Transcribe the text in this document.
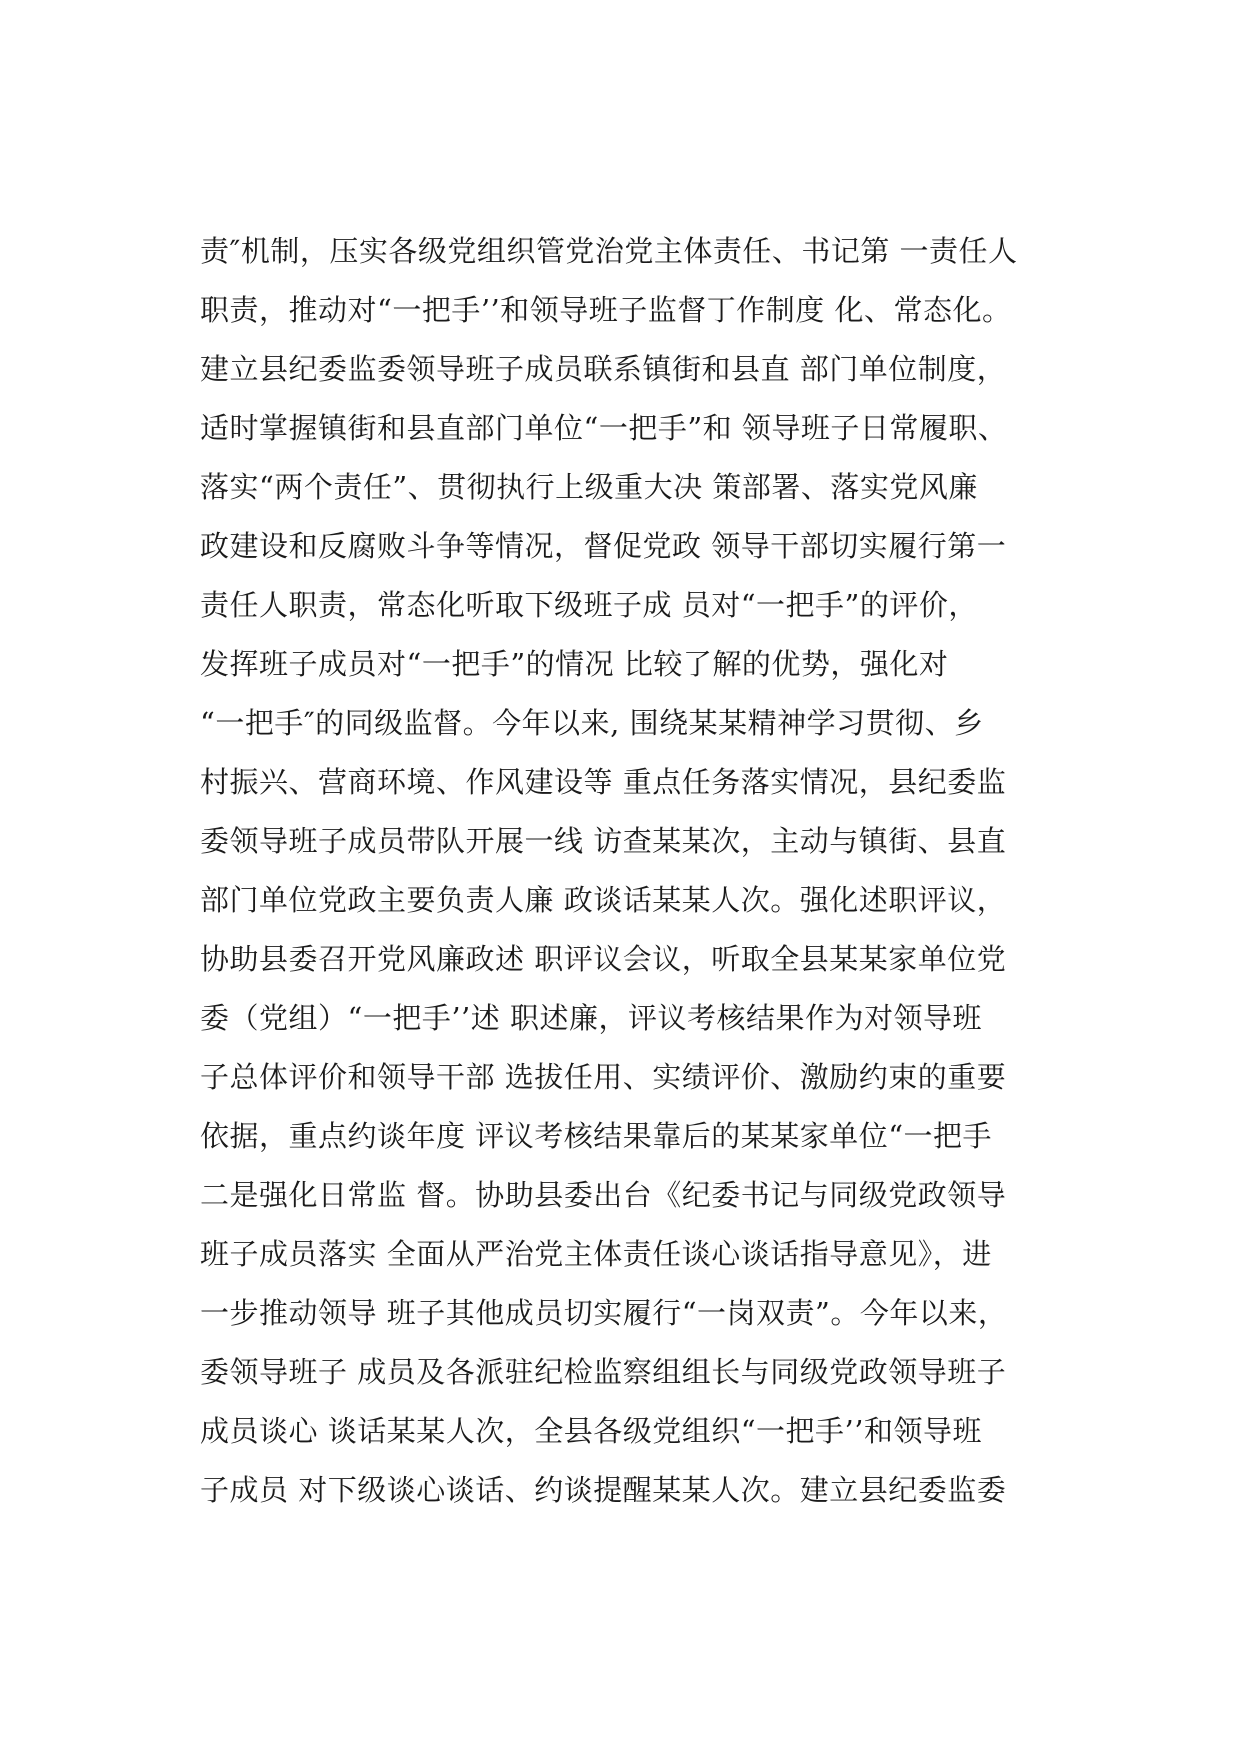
责″机制，压实各级党组织管党治党主体责任、书记第 一责任人
职责，推动对“一把手’’和领导班子监督丁作制度 化、常态化。
建立县纪委监委领导班子成员联系镇街和县直 部门单位制度，
适时掌握镇街和县直部门单位“一把手”和 领导班子日常履职、
落实“两个责任”、贯彻执行上级重大决 策部署、落实党风廉
政建设和反腐败斗争等情况，督促党政 领导干部切实履行第一
责任人职责，常态化听取下级班子成 员对“一把手”的评价，
发挥班子成员对“一把手”的情况 比较了解的优势，强化对
“一把手″的同级监督。今年以来, 围绕某某精神学习贯彻、乡
村振兴、营商环境、作风建设等 重点任务落实情况，县纪委监
委领导班子成员带队开展一线 访查某某次，主动与镇街、县直
部门单位党政主要负责人廉 政谈话某某人次。强化述职评议，
协助县委召开党风廉政述 职评议会议，听取全县某某家单位党
委（党组）“一把手’’述 职述廉，评议考核结果作为对领导班
子总体评价和领导干部 选拔任用、实绩评价、激励约束的重要
依据，重点约谈年度 评议考核结果靠后的某某家单位“一把手
二是强化日常监 督。协助县委出台《纪委书记与同级党政领导
班子成员落实 全面从严治党主体责任谈心谈话指导意见》，进
一步推动领导 班子其他成员切实履行“一岗双责”。今年以来，
委领导班子 成员及各派驻纪检监察组组长与同级党政领导班子
成员谈心 谈话某某人次，全县各级党组织“一把手’’和领导班
子成员 对下级谈心谈话、约谈提醒某某人次。建立县纪委监委
